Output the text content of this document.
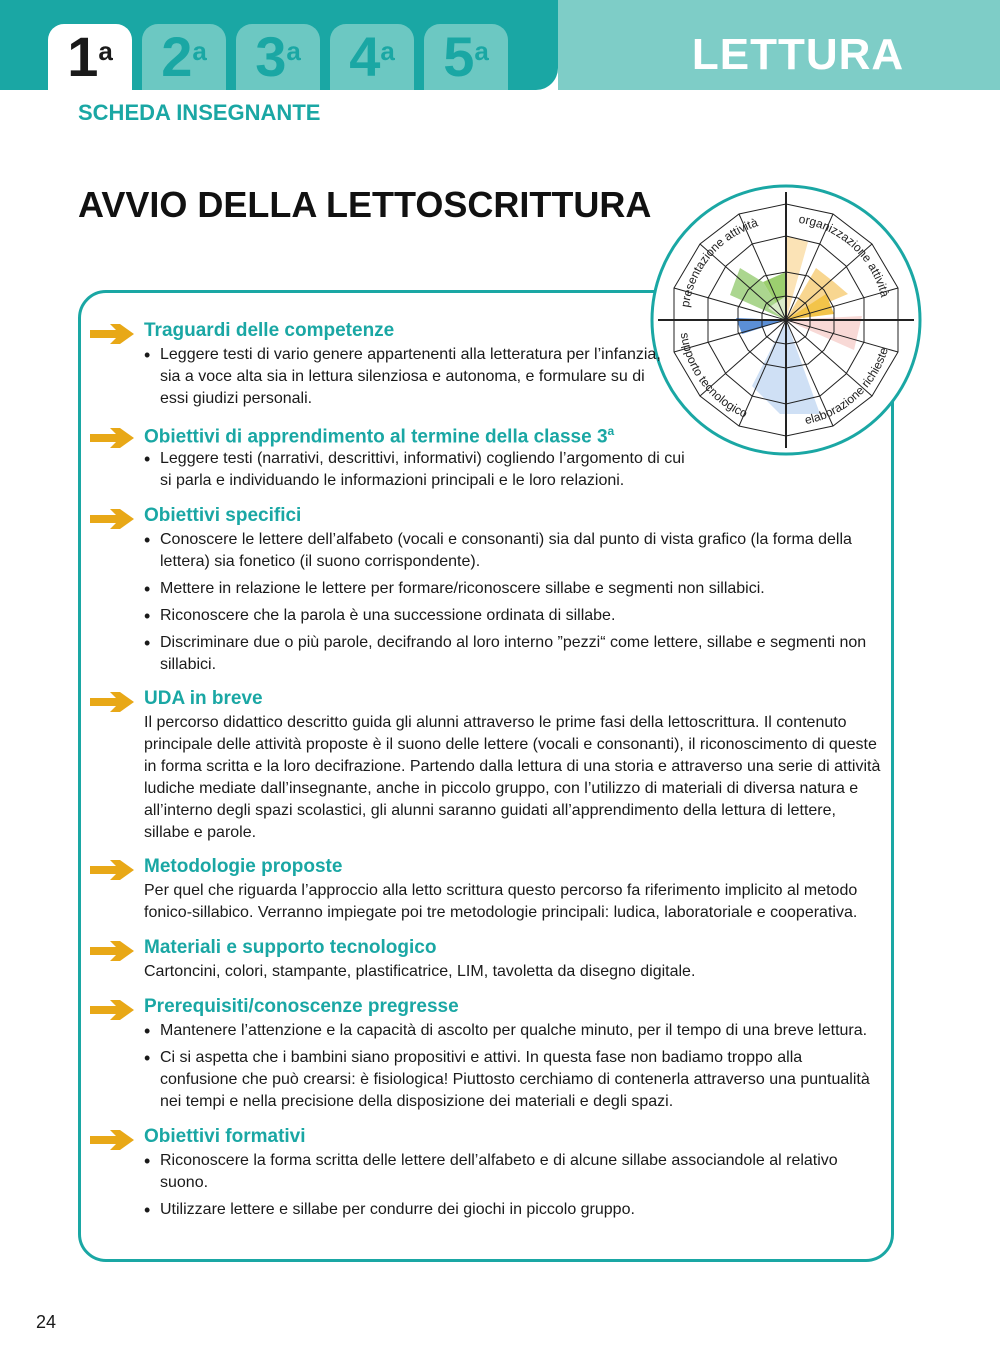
LETTURA
1$^a$ 2$^a$ 3$^a$ 4$^a$ 5$^a$
SCHEDA INSEGNANTE
AVVIO DELLA LETTOSCRITTURA
presentazione attività	organizzazione attività
supporto tecnologico	elaborazione richieste
Traguardi delle competenze
• Leggere testi di vario genere appartenenti alla letteratura per l’infanzia, sia a voce alta sia in lettura silenziosa e autonoma, e formulare su di essi giudizi personali.
Obiettivi di apprendimento al termine della classe 3$^a$
• Leggere testi (narrativi, descrittivi, informativi) cogliendo l’argomento di cui si parla e individuando le informazioni principali e le loro relazioni.
Obiettivi specifici
• Conoscere le lettere dell’alfabeto (vocali e consonanti) sia dal punto di vista grafico (la forma della lettera) sia fonetico (il suono corrispondente).
• Mettere in relazione le lettere per formare/riconoscere sillabe e segmenti non sillabici.
• Riconoscere che la parola è una successione ordinata di sillabe.
• Discriminare due o più parole, decifrando al loro interno ”pezzi“ come lettere, sillabe e segmenti non sillabici.
UDA in breve

Il percorso didattico descritto guida gli alunni attraverso le prime fasi della lettoscrittura. Il contenuto principale delle attività proposte è il suono delle lettere (vocali e consonanti), il riconoscimento di queste in forma scritta e la loro decifrazione. Partendo dalla lettura di una storia e attraverso una serie di attività ludiche mediate dall’insegnante, anche in piccolo gruppo, con l’utilizzo di materiali di diversa natura e all’interno degli spazi scolastici, gli alunni saranno guidati all’apprendimento della lettura di lettere, sillabe e parole.

Metodologie proposte

Per quel che riguarda l’approccio alla letto scrittura questo percorso fa riferimento implicito al metodo fonico-sillabico. Verranno impiegate poi tre metodologie principali: ludica, laboratoriale e cooperativa.

Materiali e supporto tecnologico

Cartoncini, colori, stampante, plastificatrice, LIM, tavoletta da disegno digitale.

Prerequisiti/conoscenze pregresse
• Mantenere l’attenzione e la capacità di ascolto per qualche minuto, per il tempo di una breve lettura.
• Ci si aspetta che i bambini siano propositivi e attivi. In questa fase non badiamo troppo alla confusione che può crearsi: è fisiologica! Piuttosto cerchiamo di contenerla attraverso una puntualità nei tempi e nella precisione della disposizione dei materiali e degli spazi.
Obiettivi formativi
• Riconoscere la forma scritta delle lettere dell’alfabeto e di alcune sillabe associandole al relativo suono.
• Utilizzare lettere e sillabe per condurre dei giochi in piccolo gruppo.
24
